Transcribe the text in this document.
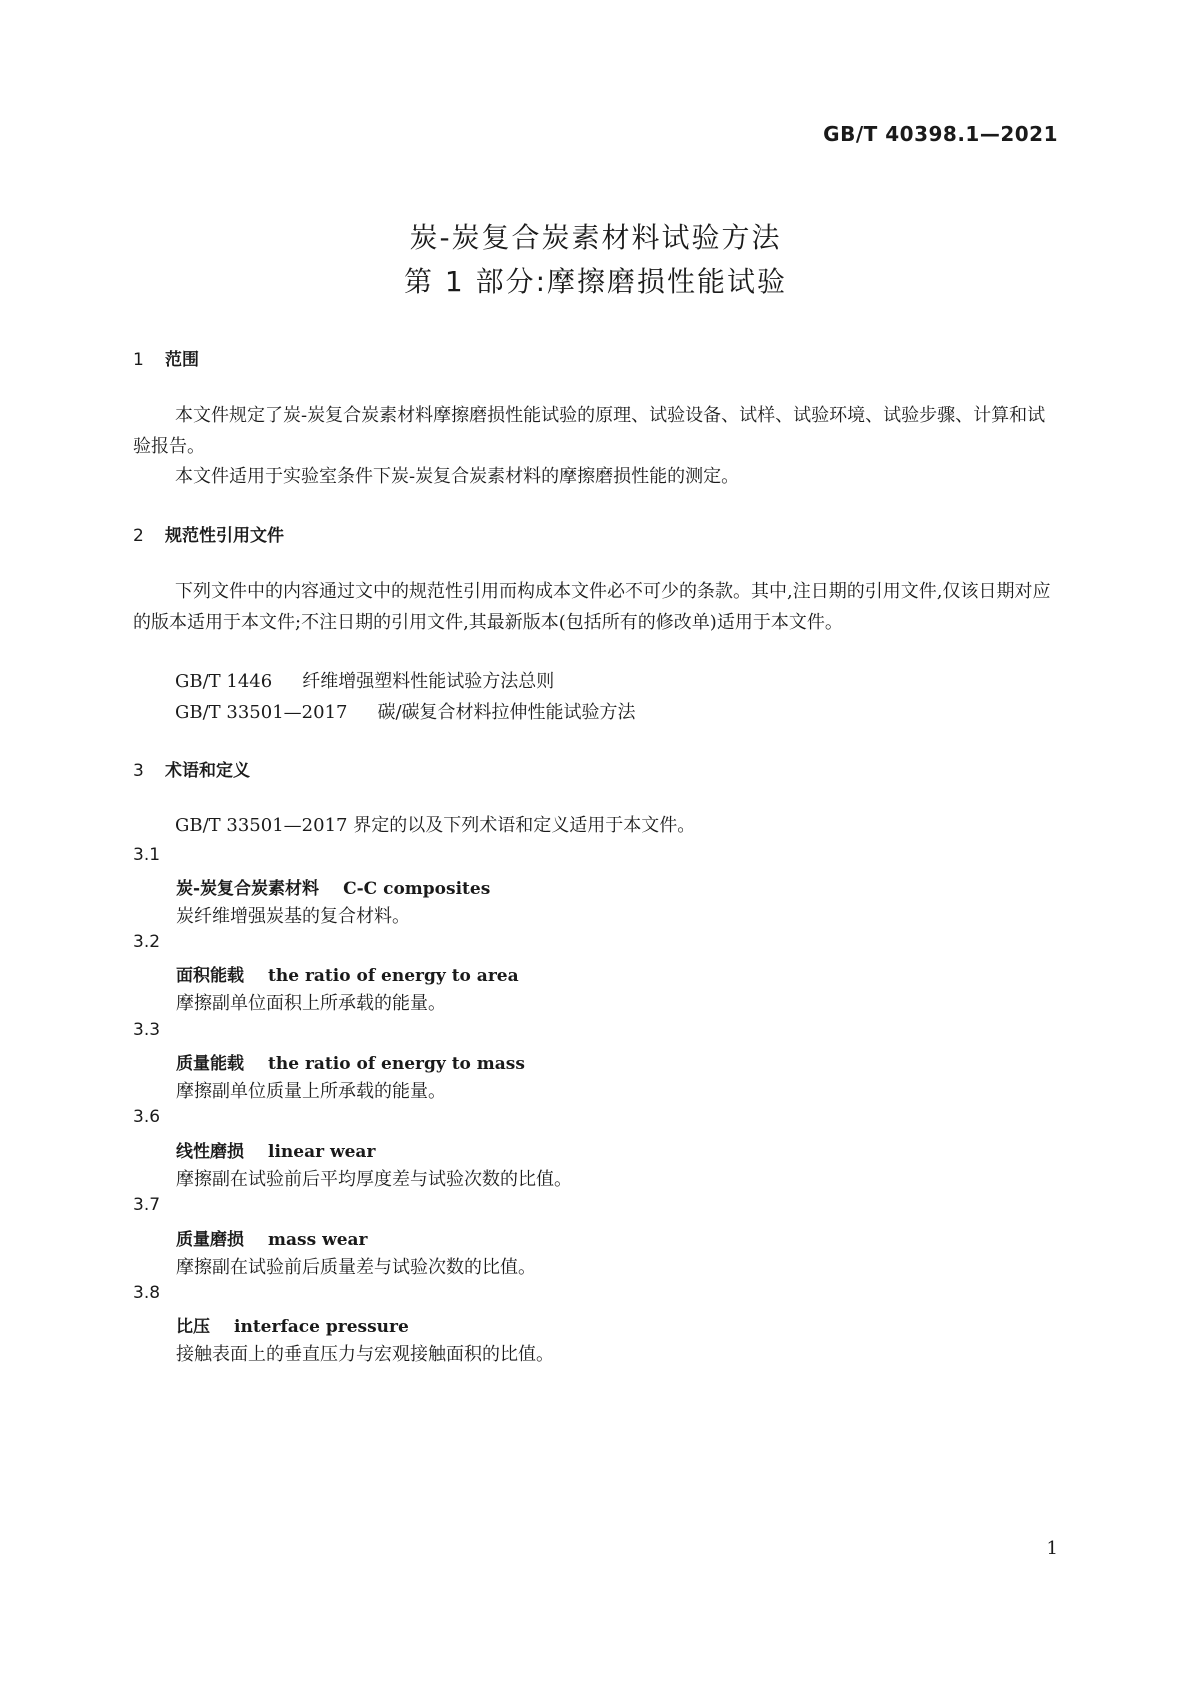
GB/T 40398.1—2021
炭-炭复合炭素材料试验方法
第 1 部分:摩擦磨损性能试验
1 范围
本文件规定了炭-炭复合炭素材料摩擦磨损性能试验的原理、试验设备、试样、试验环境、试验步骤、计算和试验报告。
本文件适用于实验室条件下炭-炭复合炭素材料的摩擦磨损性能的测定。
2 规范性引用文件
下列文件中的内容通过文中的规范性引用而构成本文件必不可少的条款。其中,注日期的引用文件,仅该日期对应的版本适用于本文件;不注日期的引用文件,其最新版本(包括所有的修改单)适用于本文件。
GB/T 1446 纤维增强塑料性能试验方法总则
GB/T 33501—2017 碳/碳复合材料拉伸性能试验方法
3 术语和定义
GB/T 33501—2017 界定的以及下列术语和定义适用于本文件。
3.1
炭-炭复合炭素材料 C-C composites
炭纤维增强炭基的复合材料。
3.2
面积能载 the ratio of energy to area
摩擦副单位面积上所承载的能量。
3.3
质量能载 the ratio of energy to mass
摩擦副单位质量上所承载的能量。
3.6
线性磨损 linear wear
摩擦副在试验前后平均厚度差与试验次数的比值。
3.7
质量磨损 mass wear
摩擦副在试验前后质量差与试验次数的比值。
3.8
比压 interface pressure
接触表面上的垂直压力与宏观接触面积的比值。
1
